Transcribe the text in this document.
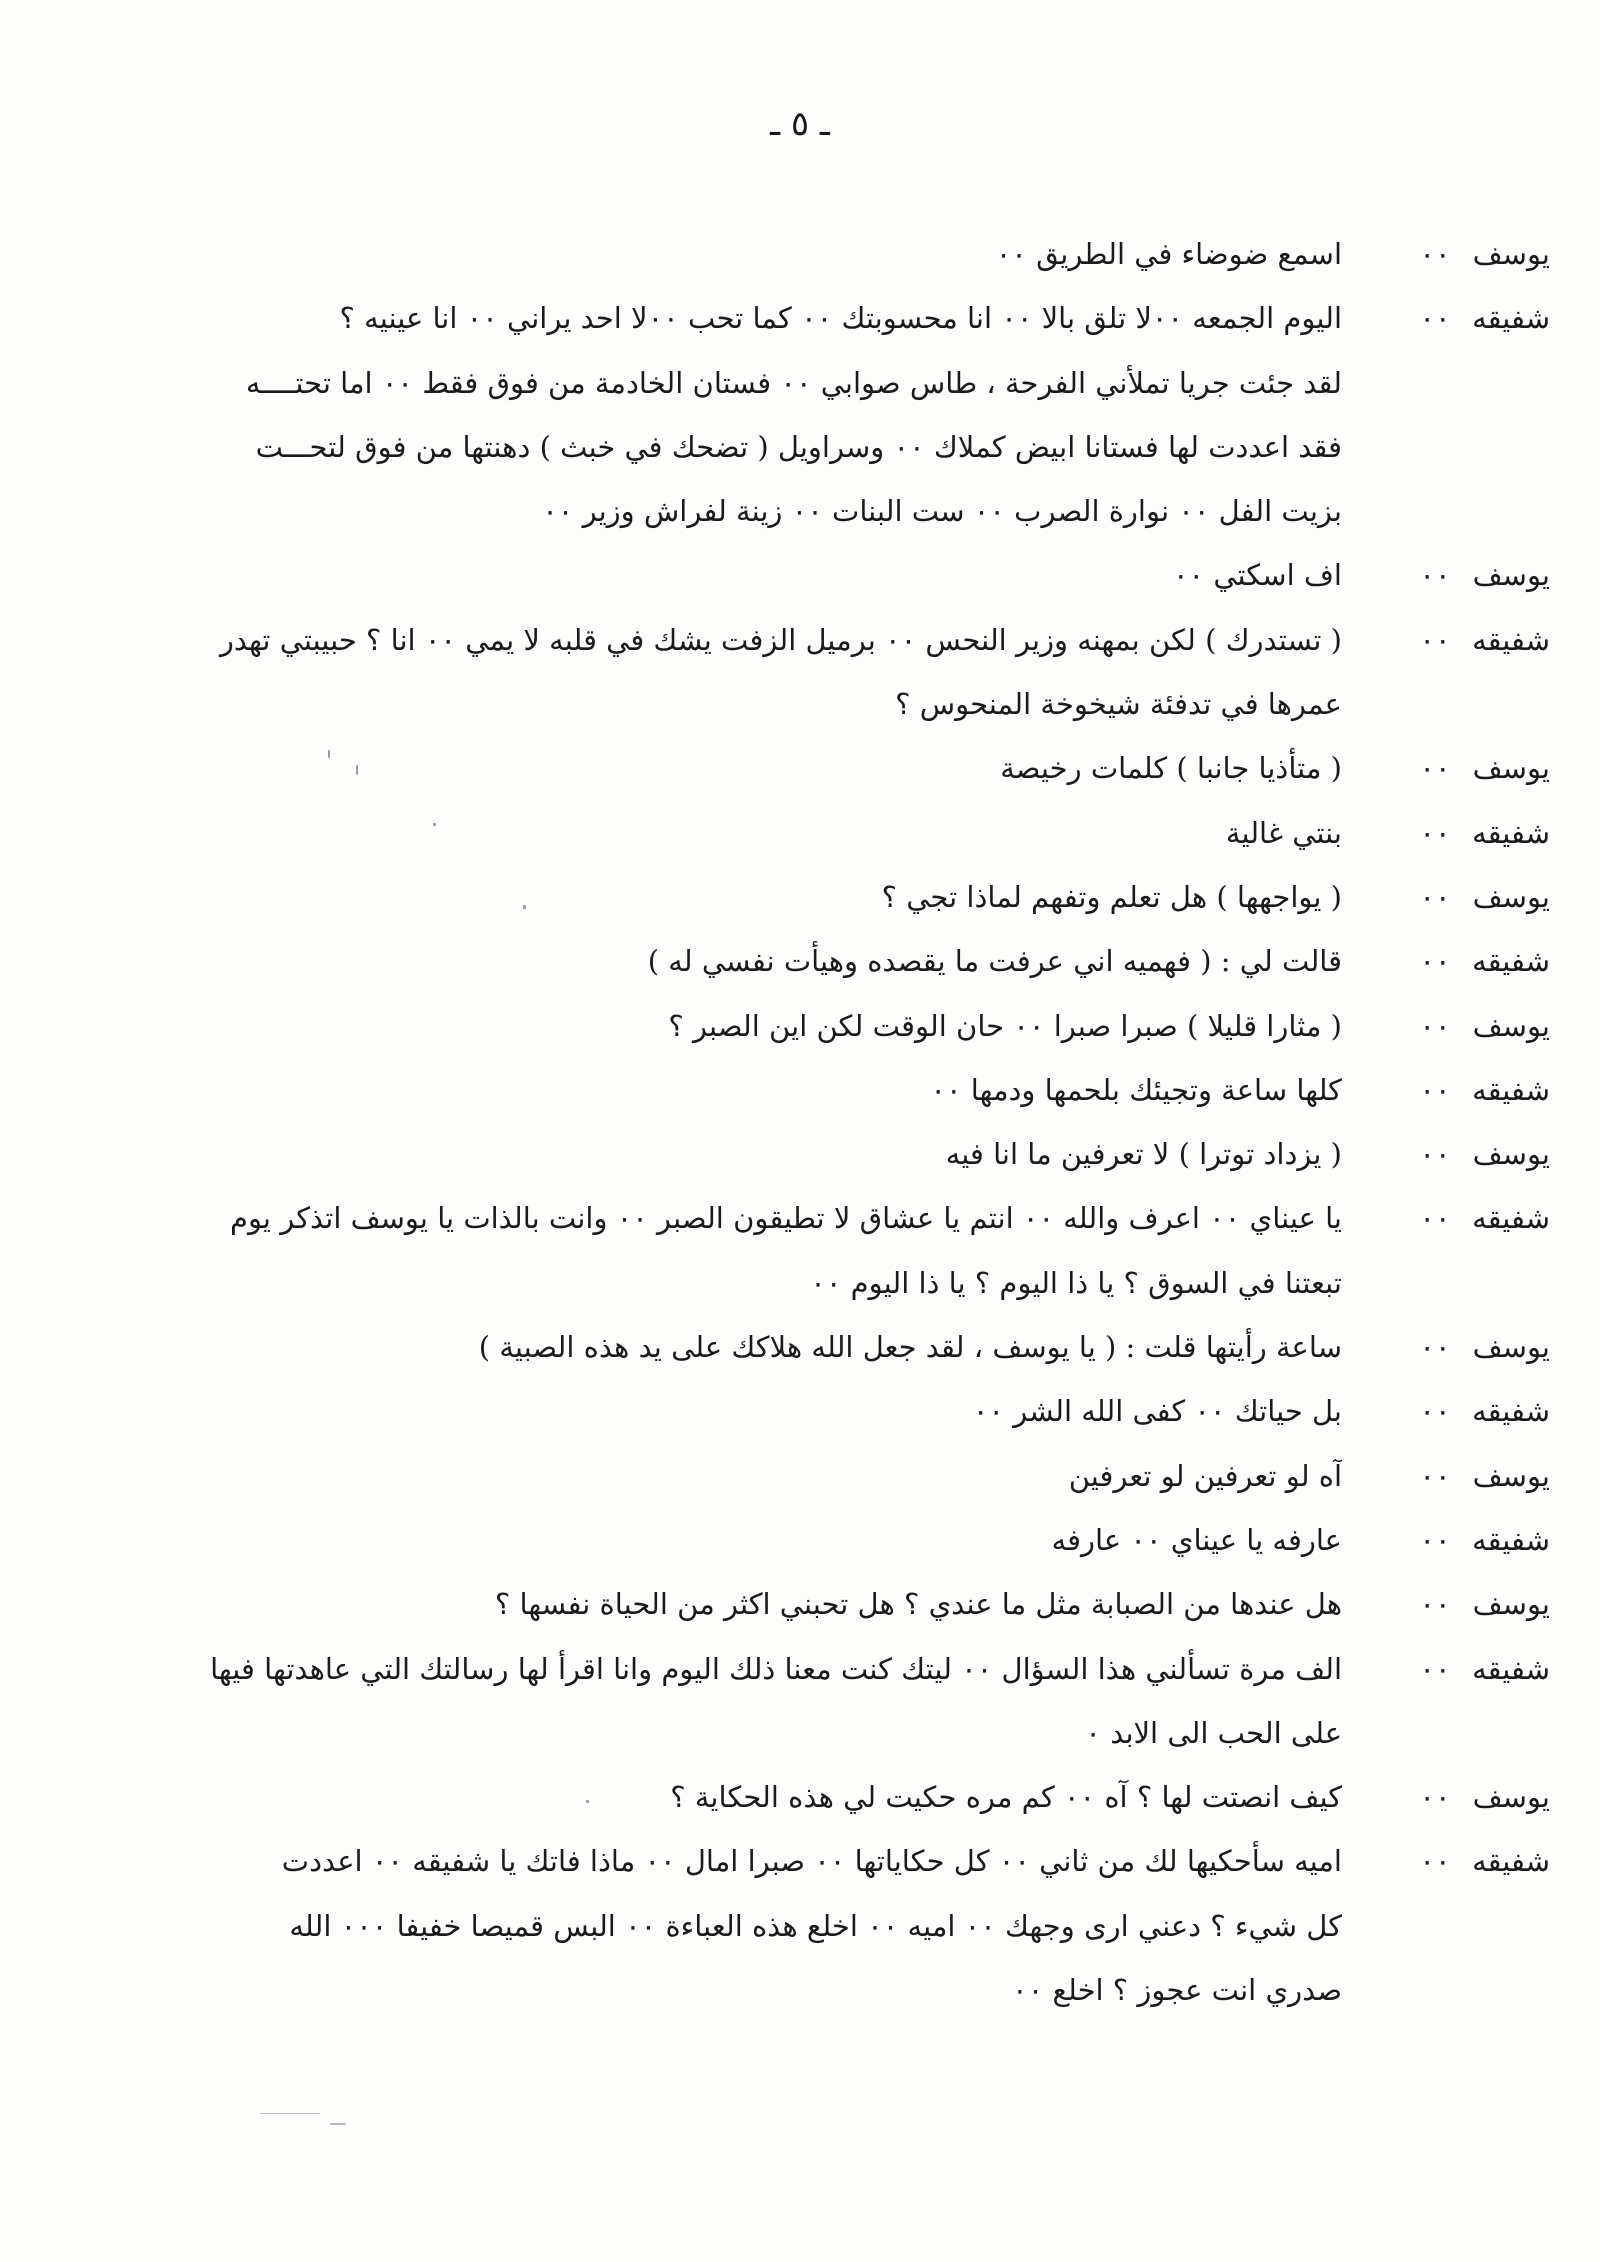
ـ ٥ ـ
يوسف
٠٠
اسمع ضوضاء في الطريق ٠٠
شفيقه
٠٠
اليوم الجمعه ٠٠لا تلق بالا ٠٠ انا محسوبتك ٠٠ كما تحب ٠٠لا احد يراني ٠٠ انا عينيه ؟
لقد جئت جريا تملأني الفرحة ، طاس صوابي ٠٠ فستان الخادمة من فوق فقط ٠٠ اما تحتــــه
فقد اعددت لها فستانا ابيض كملاك ٠٠ وسراويل ( تضحك في خبث ) دهنتها من فوق لتحـــت
بزيت الفل ٠٠ نوارة الصرب ٠٠ ست البنات ٠٠ زينة لفراش وزير ٠٠
يوسف
٠٠
اف اسكتي ٠٠
شفيقه
٠٠
( تستدرك ) لكن بمهنه وزير النحس ٠٠ برميل الزفت يشك في قلبه لا يمي ٠٠ انا ؟ حبيبتي تهدر
عمرها في تدفئة شيخوخة المنحوس ؟
يوسف
٠٠
( متأذيا جانبا ) كلمات رخيصة
شفيقه
٠٠
بنتي غالية
يوسف
٠٠
( يواجهها ) هل تعلم وتفهم لماذا تجي ؟
شفيقه
٠٠
قالت لي : ( فهميه اني عرفت ما يقصده وهيأت نفسي له )
يوسف
٠٠
( مثارا قليلا ) صبرا صبرا ٠٠ حان الوقت لكن اين الصبر ؟
شفيقه
٠٠
كلها ساعة وتجيئك بلحمها ودمها ٠٠
يوسف
٠٠
( يزداد توترا ) لا تعرفين ما انا فيه
شفيقه
٠٠
يا عيناي ٠٠ اعرف والله ٠٠ انتم يا عشاق لا تطيقون الصبر ٠٠ وانت بالذات يا يوسف اتذكر يوم
تبعتنا في السوق ؟ يا ذا اليوم ؟ يا ذا اليوم ٠٠
يوسف
٠٠
ساعة رأيتها قلت : ( يا يوسف ، لقد جعل الله هلاكك على يد هذه الصبية )
شفيقه
٠٠
بل حياتك ٠٠ كفى الله الشر ٠٠
يوسف
٠٠
آه لو تعرفين لو تعرفين
شفيقه
٠٠
عارفه يا عيناي ٠٠ عارفه
يوسف
٠٠
هل عندها من الصبابة مثل ما عندي ؟ هل تحبني اكثر من الحياة نفسها ؟
شفيقه
٠٠
الف مرة تسألني هذا السؤال ٠٠ ليتك كنت معنا ذلك اليوم وانا اقرأ لها رسالتك التي عاهدتها فيها
على الحب الى الابد ٠
يوسف
٠٠
كيف انصتت لها ؟ آه ٠٠ كم مره حكيت لي هذه الحكاية ؟
شفيقه
٠٠
اميه سأحكيها لك من ثاني ٠٠ كل حكاياتها ٠٠ صبرا امال ٠٠ ماذا فاتك يا شفيقه ٠٠ اعددت
كل شيء ؟ دعني ارى وجهك ٠٠ اميه ٠٠ اخلع هذه العباءة ٠٠ البس قميصا خفيفا ٠٠٠ الله
صدري انت عجوز ؟ اخلع ٠٠
